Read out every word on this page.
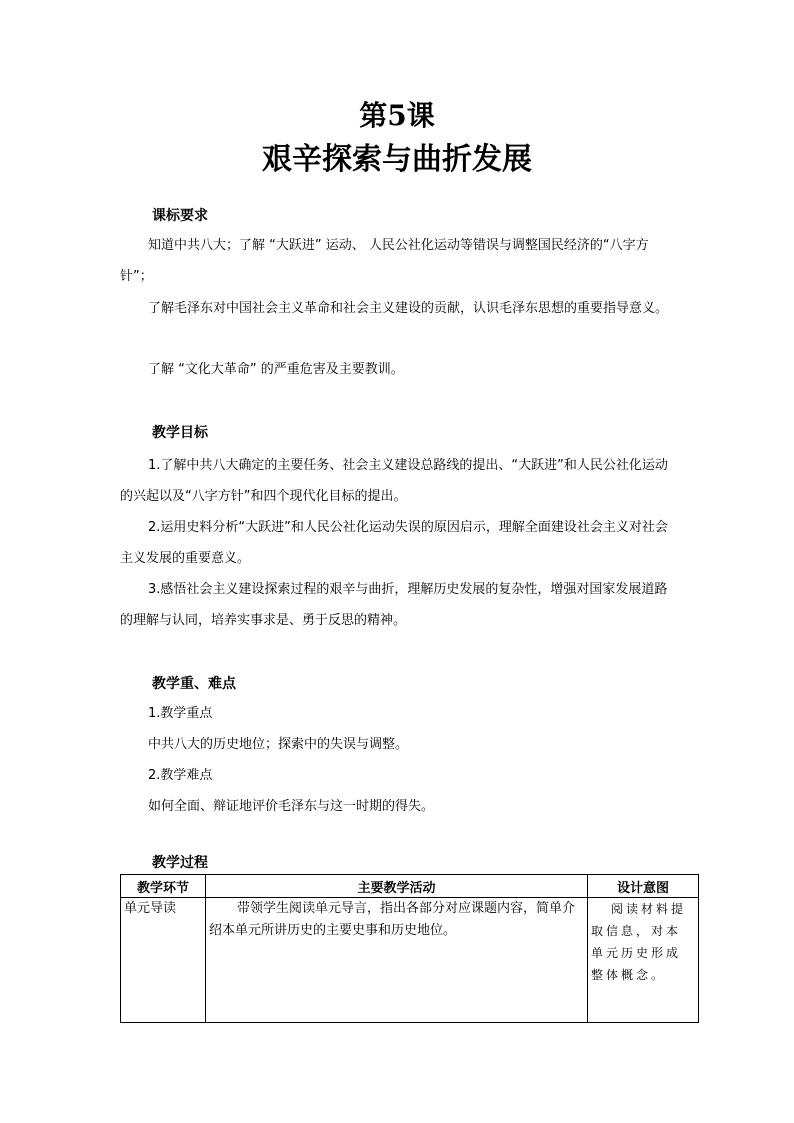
第5课
艰辛探索与曲折发展
课标要求
知道中共八大；了解 “大跃进” 运动、 人民公社化运动等错误与调整国民经济的“八字方针”；
了解毛泽东对中国社会主义革命和社会主义建设的贡献，认识毛泽东思想的重要指导意义。
了解 “文化大革命” 的严重危害及主要教训。
教学目标
1.了解中共八大确定的主要任务、社会主义建设总路线的提出、“大跃进”和人民公社化运动的兴起以及“八字方针”和四个现代化目标的提出。
2.运用史料分析“大跃进”和人民公社化运动失误的原因启示，理解全面建设社会主义对社会主义发展的重要意义。
3.感悟社会主义建设探索过程的艰辛与曲折，理解历史发展的复杂性，增强对国家发展道路的理解与认同，培养实事求是、勇于反思的精神。
教学重、难点
1.教学重点
中共八大的历史地位；探索中的失误与调整。
2.教学难点
如何全面、辩证地评价毛泽东与这一时期的得失。
教学过程
教学环节	主要教学活动	设计意图
单元导读	带领学生阅读单元导言，指出各部分对应课题内容，简单介绍本单元所讲历史的主要史事和历史地位。	阅读材料提取信息，对本单元历史形成整体概念。
